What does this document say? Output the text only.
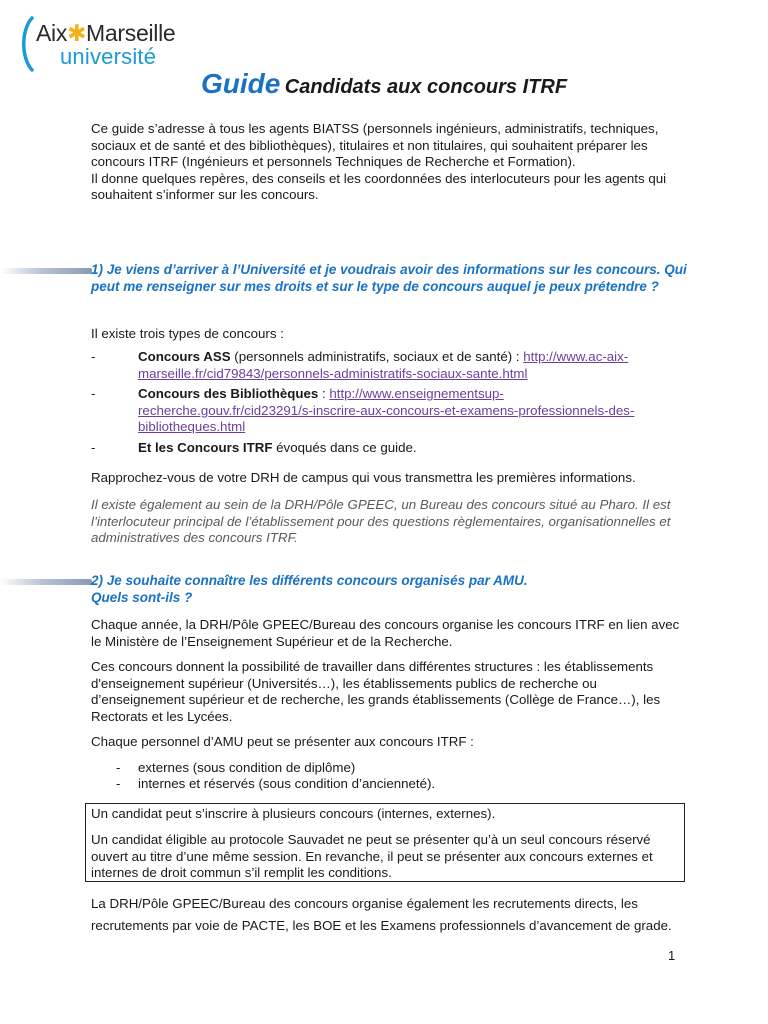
Aix✱Marseille
université
Guide Candidats aux concours ITRF
Ce guide s’adresse à tous les agents BIATSS (personnels ingénieurs, administratifs, techniques, sociaux et de santé et des bibliothèques), titulaires et non titulaires, qui souhaitent préparer les concours ITRF (Ingénieurs et personnels Techniques de Recherche et Formation).
Il donne quelques repères, des conseils et les coordonnées des interlocuteurs pour les agents qui souhaitent s’informer sur les concours.
1) Je viens d’arriver à l’Université et je voudrais avoir des informations sur les concours. Qui peut me renseigner sur mes droits et sur le type de concours auquel je peux prétendre ?
Il existe trois types de concours :
-	Concours ASS (personnels administratifs, sociaux et de santé) : http://www.ac-aix-marseille.fr/cid79843/personnels-administratifs-sociaux-sante.html
-	Concours des Bibliothèques : http://www.enseignementsup-recherche.gouv.fr/cid23291/s-inscrire-aux-concours-et-examens-professionnels-des-bibliotheques.html
-	Et les Concours ITRF évoqués dans ce guide.
Rapprochez-vous de votre DRH de campus qui vous transmettra les premières informations.
Il existe également au sein de la DRH/Pôle GPEEC, un Bureau des concours situé au Pharo. Il est l’interlocuteur principal de l’établissement pour des questions règlementaires, organisationnelles et administratives des concours ITRF.
2) Je souhaite connaître les différents concours organisés par AMU.
Quels sont-ils ?
Chaque année, la DRH/Pôle GPEEC/Bureau des concours organise les concours ITRF en lien avec le Ministère de l’Enseignement Supérieur et de la Recherche.
Ces concours donnent la possibilité de travailler dans différentes structures : les établissements d'enseignement supérieur (Universités…), les établissements publics de recherche ou d’enseignement supérieur et de recherche, les grands établissements (Collège de France…), les Rectorats et les Lycées.
Chaque personnel d’AMU peut se présenter aux concours ITRF :
- externes (sous condition de diplôme)
- internes et réservés (sous condition d’ancienneté).
Un candidat peut s’inscrire à plusieurs concours (internes, externes).
Un candidat éligible au protocole Sauvadet ne peut se présenter qu’à un seul concours réservé ouvert au titre d’une même session. En revanche, il peut se présenter aux concours externes et internes de droit commun s’il remplit les conditions.
La DRH/Pôle GPEEC/Bureau des concours organise également les recrutements directs, les recrutements par voie de PACTE, les BOE et les Examens professionnels d’avancement de grade.
1
